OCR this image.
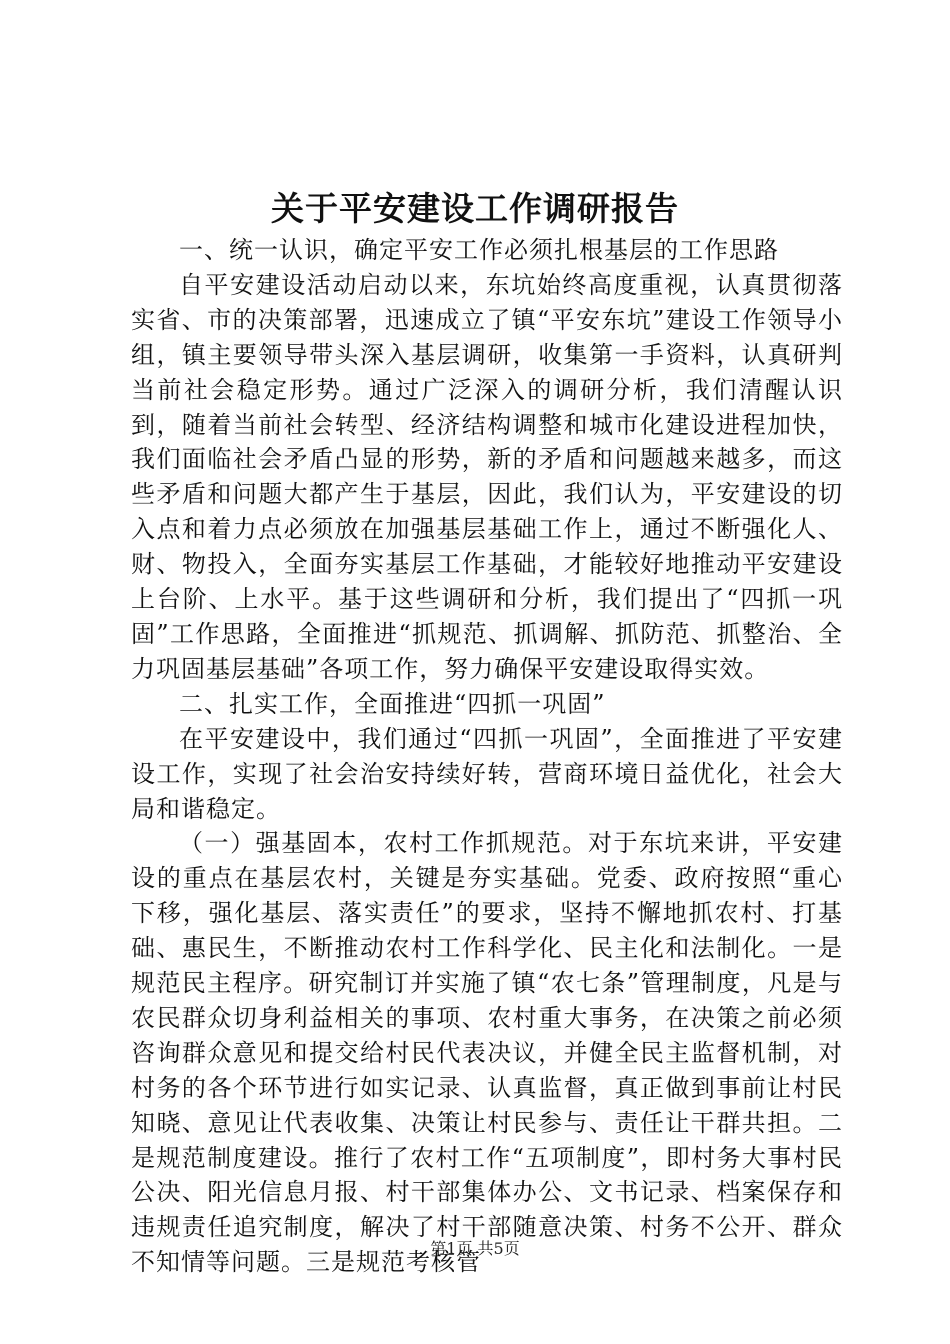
关于平安建设工作调研报告

一、统一认识，确定平安工作必须扎根基层的工作思路

自平安建设活动启动以来，东坑始终高度重视，认真贯彻落实省、市的决策部署，迅速成立了镇“平安东坑”建设工作领导小组，镇主要领导带头深入基层调研，收集第一手资料，认真研判当前社会稳定形势。通过广泛深入的调研分析，我们清醒认识到，随着当前社会转型、经济结构调整和城市化建设进程加快，我们面临社会矛盾凸显的形势，新的矛盾和问题越来越多，而这些矛盾和问题大都产生于基层，因此，我们认为，平安建设的切入点和着力点必须放在加强基层基础工作上，通过不断强化人、财、物投入，全面夯实基层工作基础，才能较好地推动平安建设上台阶、上水平。基于这些调研和分析，我们提出了“四抓一巩固”工作思路，全面推进“抓规范、抓调解、抓防范、抓整治、全力巩固基层基础”各项工作，努力确保平安建设取得实效。

二、扎实工作，全面推进“四抓一巩固”

在平安建设中，我们通过“四抓一巩固”，全面推进了平安建设工作，实现了社会治安持续好转，营商环境日益优化，社会大局和谐稳定。

（一）强基固本，农村工作抓规范。对于东坑来讲，平安建设的重点在基层农村，关键是夯实基础。党委、政府按照“重心下移，强化基层、落实责任”的要求，坚持不懈地抓农村、打基础、惠民生，不断推动农村工作科学化、民主化和法制化。一是规范民主程序。研究制订并实施了镇“农七条”管理制度，凡是与农民群众切身利益相关的事项、农村重大事务，在决策之前必须咨询群众意见和提交给村民代表决议，并健全民主监督机制，对村务的各个环节进行如实记录、认真监督，真正做到事前让村民知晓、意见让代表收集、决策让村民参与、责任让干群共担。二是规范制度建设。推行了农村工作“五项制度”，即村务大事村民公决、阳光信息月报、村干部集体办公、文书记录、档案保存和违规责任追究制度，解决了村干部随意决策、村务不公开、群众不知情等问题。三是规范考核管

第1页 共5页
